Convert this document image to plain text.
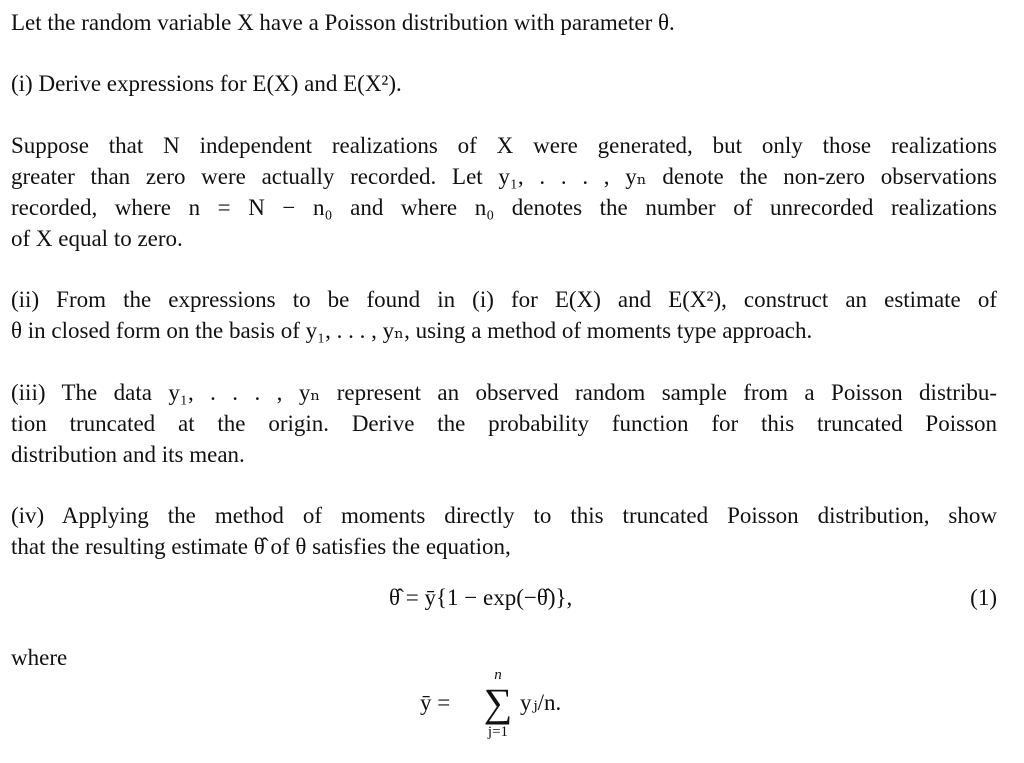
Let the random variable X have a Poisson distribution with parameter θ.
(i) Derive expressions for E(X) and E(X²).
Suppose that N independent realizations of X were generated, but only those realizations
greater than zero were actually recorded. Let y₁, . . . , yₙ denote the non-zero observations
recorded, where n = N − n₀ and where n₀ denotes the number of unrecorded realizations
of X equal to zero.
(ii) From the expressions to be found in (i) for E(X) and E(X²), construct an estimate of
θ in closed form on the basis of y₁, . . . , yₙ, using a method of moments type approach.
(iii) The data y₁, . . . , yₙ represent an observed random sample from a Poisson distribu-
tion truncated at the origin. Derive the probability function for this truncated Poisson
distribution and its mean.
(iv) Applying the method of moments directly to this truncated Poisson distribution, show
that the resulting estimate θ̂ of θ satisfies the equation,
θ̂ = ȳ{1 − exp(−θ̂)},	(1)
where
ȳ =
n
∑
j=1
yⱼ/n.
